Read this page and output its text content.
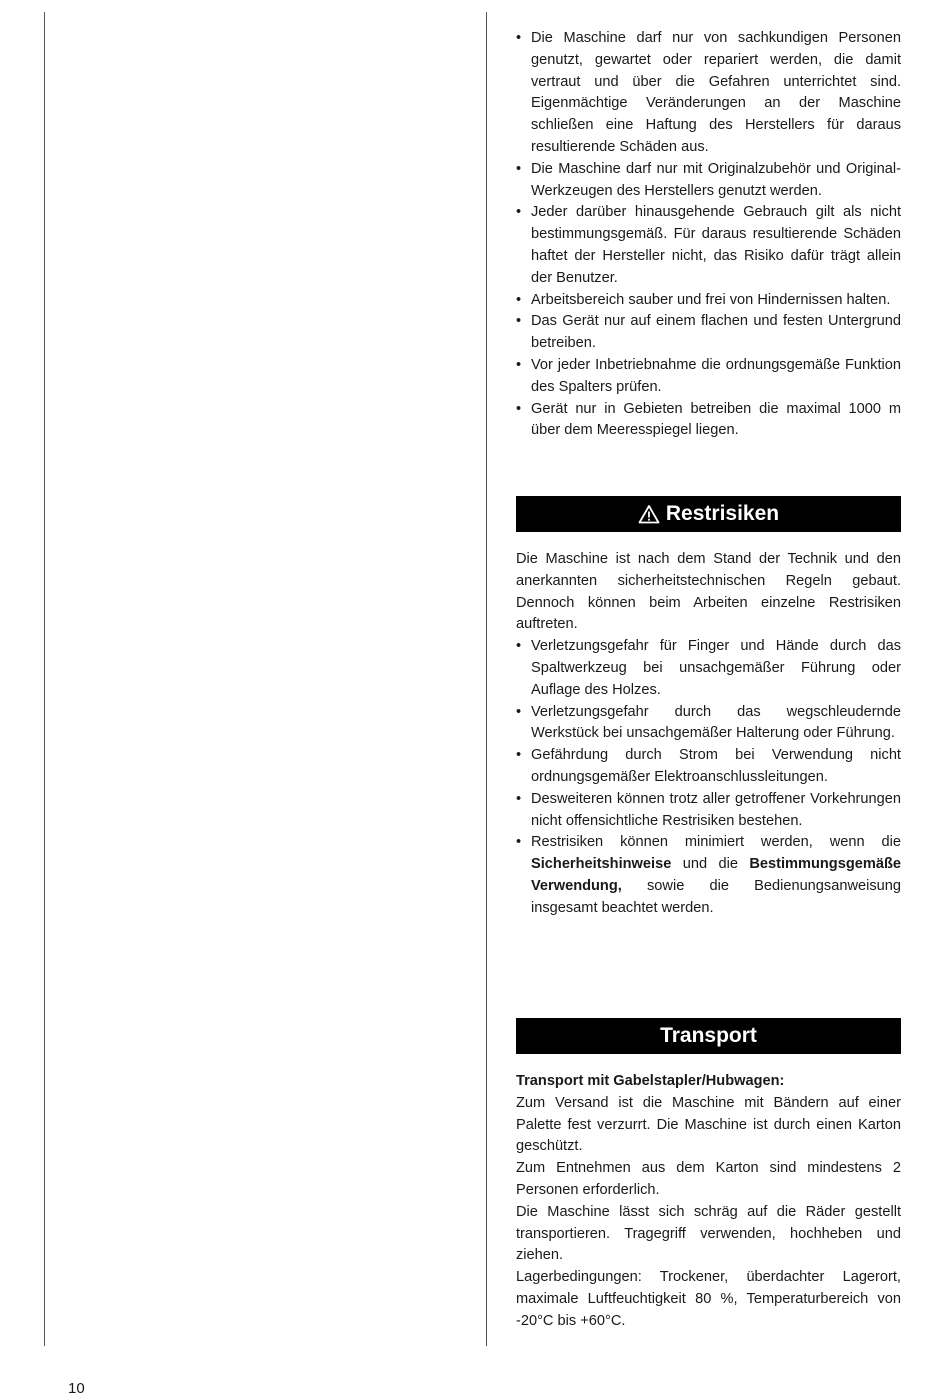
• Die Maschine darf nur von sachkundigen Personen genutzt, gewartet oder repariert werden, die damit vertraut und über die Gefahren unterrichtet sind. Eigenmächtige Veränderungen an der Maschine schließen eine Haftung des Herstellers für daraus resultierende Schäden aus.
• Die Maschine darf nur mit Originalzubehör und Original-Werkzeugen des Herstellers genutzt werden.
• Jeder darüber hinausgehende Gebrauch gilt als nicht bestimmungsgemäß. Für daraus resultierende Schäden haftet der Hersteller nicht, das Risiko dafür trägt allein der Benutzer.
• Arbeitsbereich sauber und frei von Hindernissen halten.
• Das Gerät nur auf einem flachen und festen Untergrund betreiben.
• Vor jeder Inbetriebnahme die ordnungsgemäße Funktion des Spalters prüfen.
• Gerät nur in Gebieten betreiben die maximal 1000 m über dem Meeresspiegel liegen.
Restrisiken

Die Maschine ist nach dem Stand der Technik und den anerkannten sicherheitstechnischen Regeln gebaut. Dennoch können beim Arbeiten einzelne Restrisiken auftreten.

• Verletzungsgefahr für Finger und Hände durch das Spaltwerkzeug bei unsachgemäßer Führung oder Auflage des Holzes.
• Verletzungsgefahr durch das wegschleudernde Werkstück bei unsachgemäßer Halterung oder Führung.
• Gefährdung durch Strom bei Verwendung nicht ordnungsgemäßer Elektroanschlussleitungen.
• Desweiteren können trotz aller getroffener Vorkehrungen nicht offensichtliche Restrisiken bestehen.
• Restrisiken können minimiert werden, wenn die Sicherheitshinweise und die Bestimmungsgemäße Verwendung, sowie die Bedienungsanweisung insgesamt beachtet werden.
Transport

Transport mit Gabelstapler/Hubwagen:

Zum Versand ist die Maschine mit Bändern auf einer Palette fest verzurrt. Die Maschine ist durch einen Karton geschützt.

Zum Entnehmen aus dem Karton sind mindestens 2 Personen erforderlich.

Die Maschine lässt sich schräg auf die Räder gestellt transportieren. Tragegriff verwenden, hochheben und ziehen.

Lagerbedingungen: Trockener, überdachter Lagerort, maximale Luftfeuchtigkeit 80 %, Temperaturbereich von -20°C bis +60°C.

10
